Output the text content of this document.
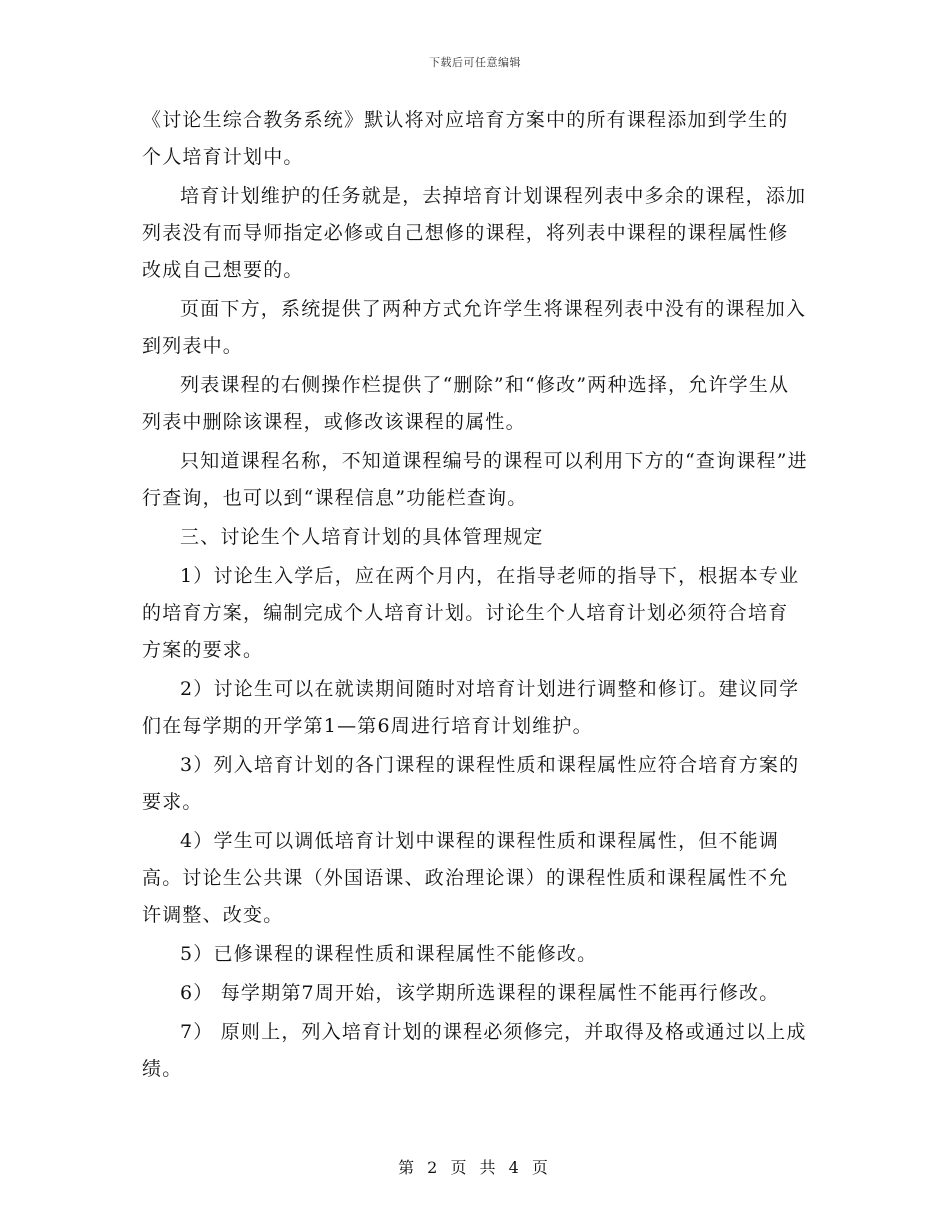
下载后可任意编辑

《讨论生综合教务系统》默认将对应培育方案中的所有课程添加到学生的个人培育计划中。

培育计划维护的任务就是，去掉培育计划课程列表中多余的课程，添加列表没有而导师指定必修或自己想修的课程，将列表中课程的课程属性修改成自己想要的。

页面下方，系统提供了两种方式允许学生将课程列表中没有的课程加入到列表中。

列表课程的右侧操作栏提供了“删除”和“修改”两种选择，允许学生从列表中删除该课程，或修改该课程的属性。

只知道课程名称，不知道课程编号的课程可以利用下方的“查询课程”进行查询，也可以到“课程信息”功能栏查询。

三、讨论生个人培育计划的具体管理规定

1）讨论生入学后，应在两个月内，在指导老师的指导下，根据本专业的培育方案，编制完成个人培育计划。讨论生个人培育计划必须符合培育方案的要求。

2）讨论生可以在就读期间随时对培育计划进行调整和修订。建议同学们在每学期的开学第1—第6周进行培育计划维护。

3）列入培育计划的各门课程的课程性质和课程属性应符合培育方案的要求。

4）学生可以调低培育计划中课程的课程性质和课程属性，但不能调高。讨论生公共课（外国语课、政治理论课）的课程性质和课程属性不允许调整、改变。

5）已修课程的课程性质和课程属性不能修改。

6） 每学期第7周开始，该学期所选课程的课程属性不能再行修改。

7） 原则上，列入培育计划的课程必须修完，并取得及格或通过以上成绩。

第 2 页 共 4 页
